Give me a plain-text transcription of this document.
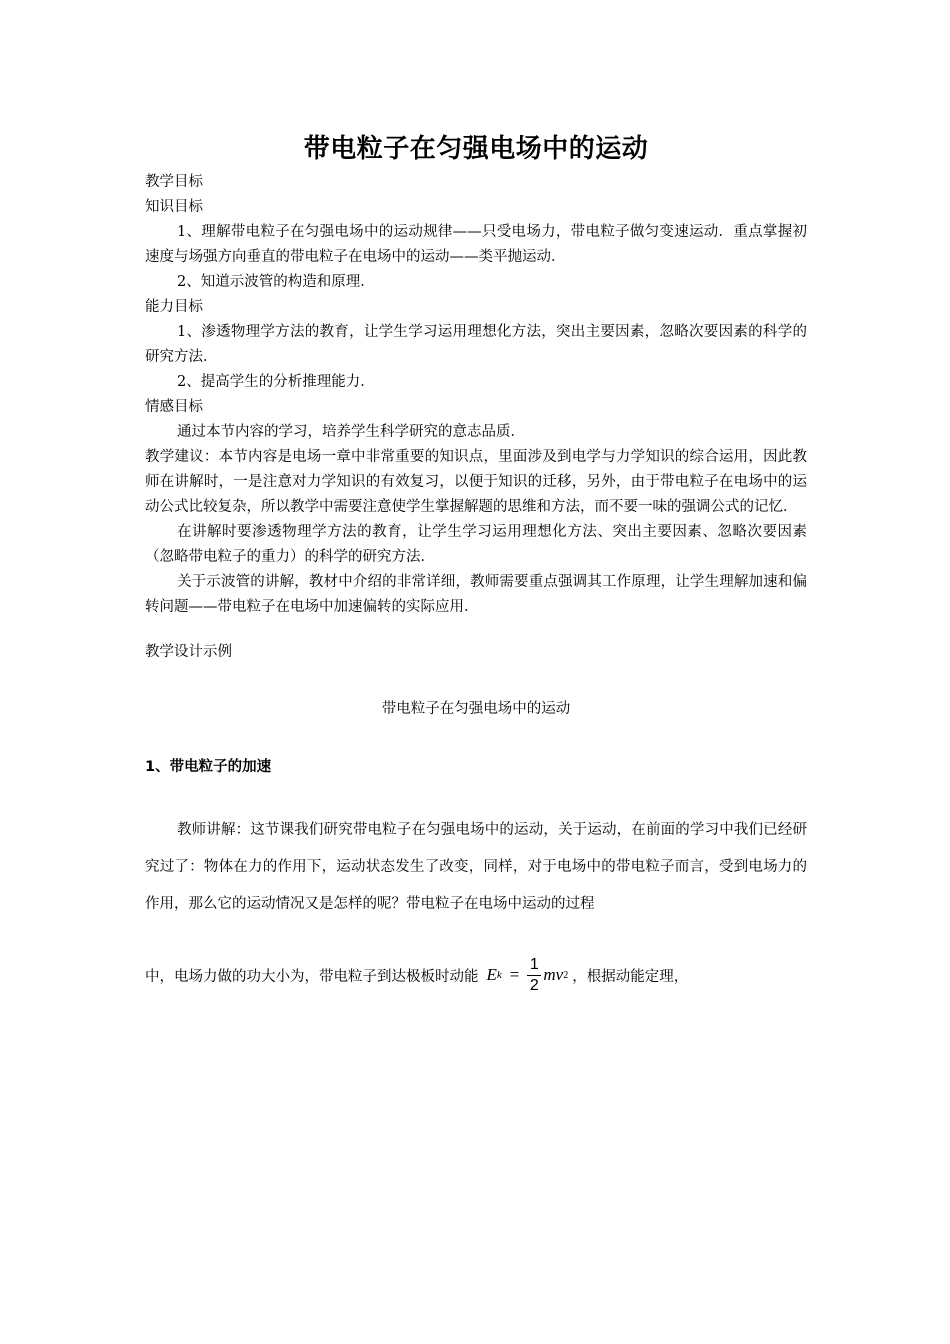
带电粒子在匀强电场中的运动

教学目标

知识目标

1、理解带电粒子在匀强电场中的运动规律——只受电场力，带电粒子做匀变速运动．重点掌握初速度与场强方向垂直的带电粒子在电场中的运动——类平抛运动．

2、知道示波管的构造和原理．

能力目标

1、渗透物理学方法的教育，让学生学习运用理想化方法，突出主要因素，忽略次要因素的科学的研究方法．

2、提高学生的分析推理能力．

情感目标

通过本节内容的学习，培养学生科学研究的意志品质．

教学建议：本节内容是电场一章中非常重要的知识点，里面涉及到电学与力学知识的综合运用，因此教师在讲解时，一是注意对力学知识的有效复习，以便于知识的迁移，另外，由于带电粒子在电场中的运动公式比较复杂，所以教学中需要注意使学生掌握解题的思维和方法，而不要一味的强调公式的记忆．

在讲解时要渗透物理学方法的教育，让学生学习运用理想化方法、突出主要因素、忽略次要因素（忽略带电粒子的重力）的科学的研究方法．

关于示波管的讲解，教材中介绍的非常详细，教师需要重点强调其工作原理，让学生理解加速和偏转问题——带电粒子在电场中加速偏转的实际应用．

教学设计示例

带电粒子在匀强电场中的运动

1、带电粒子的加速

教师讲解：这节课我们研究带电粒子在匀强电场中的运动，关于运动，在前面的学习中我们已经研究过了：物体在力的作用下，运动状态发生了改变，同样，对于电场中的带电粒子而言，受到电场力的作用，那么它的运动情况又是怎样的呢？带电粒子在电场中运动的过程

中，电场力做的功大小为，带电粒子到达极板时动能 E $k = \frac{1}{2}$ mv 2 ，根据动能定理，
